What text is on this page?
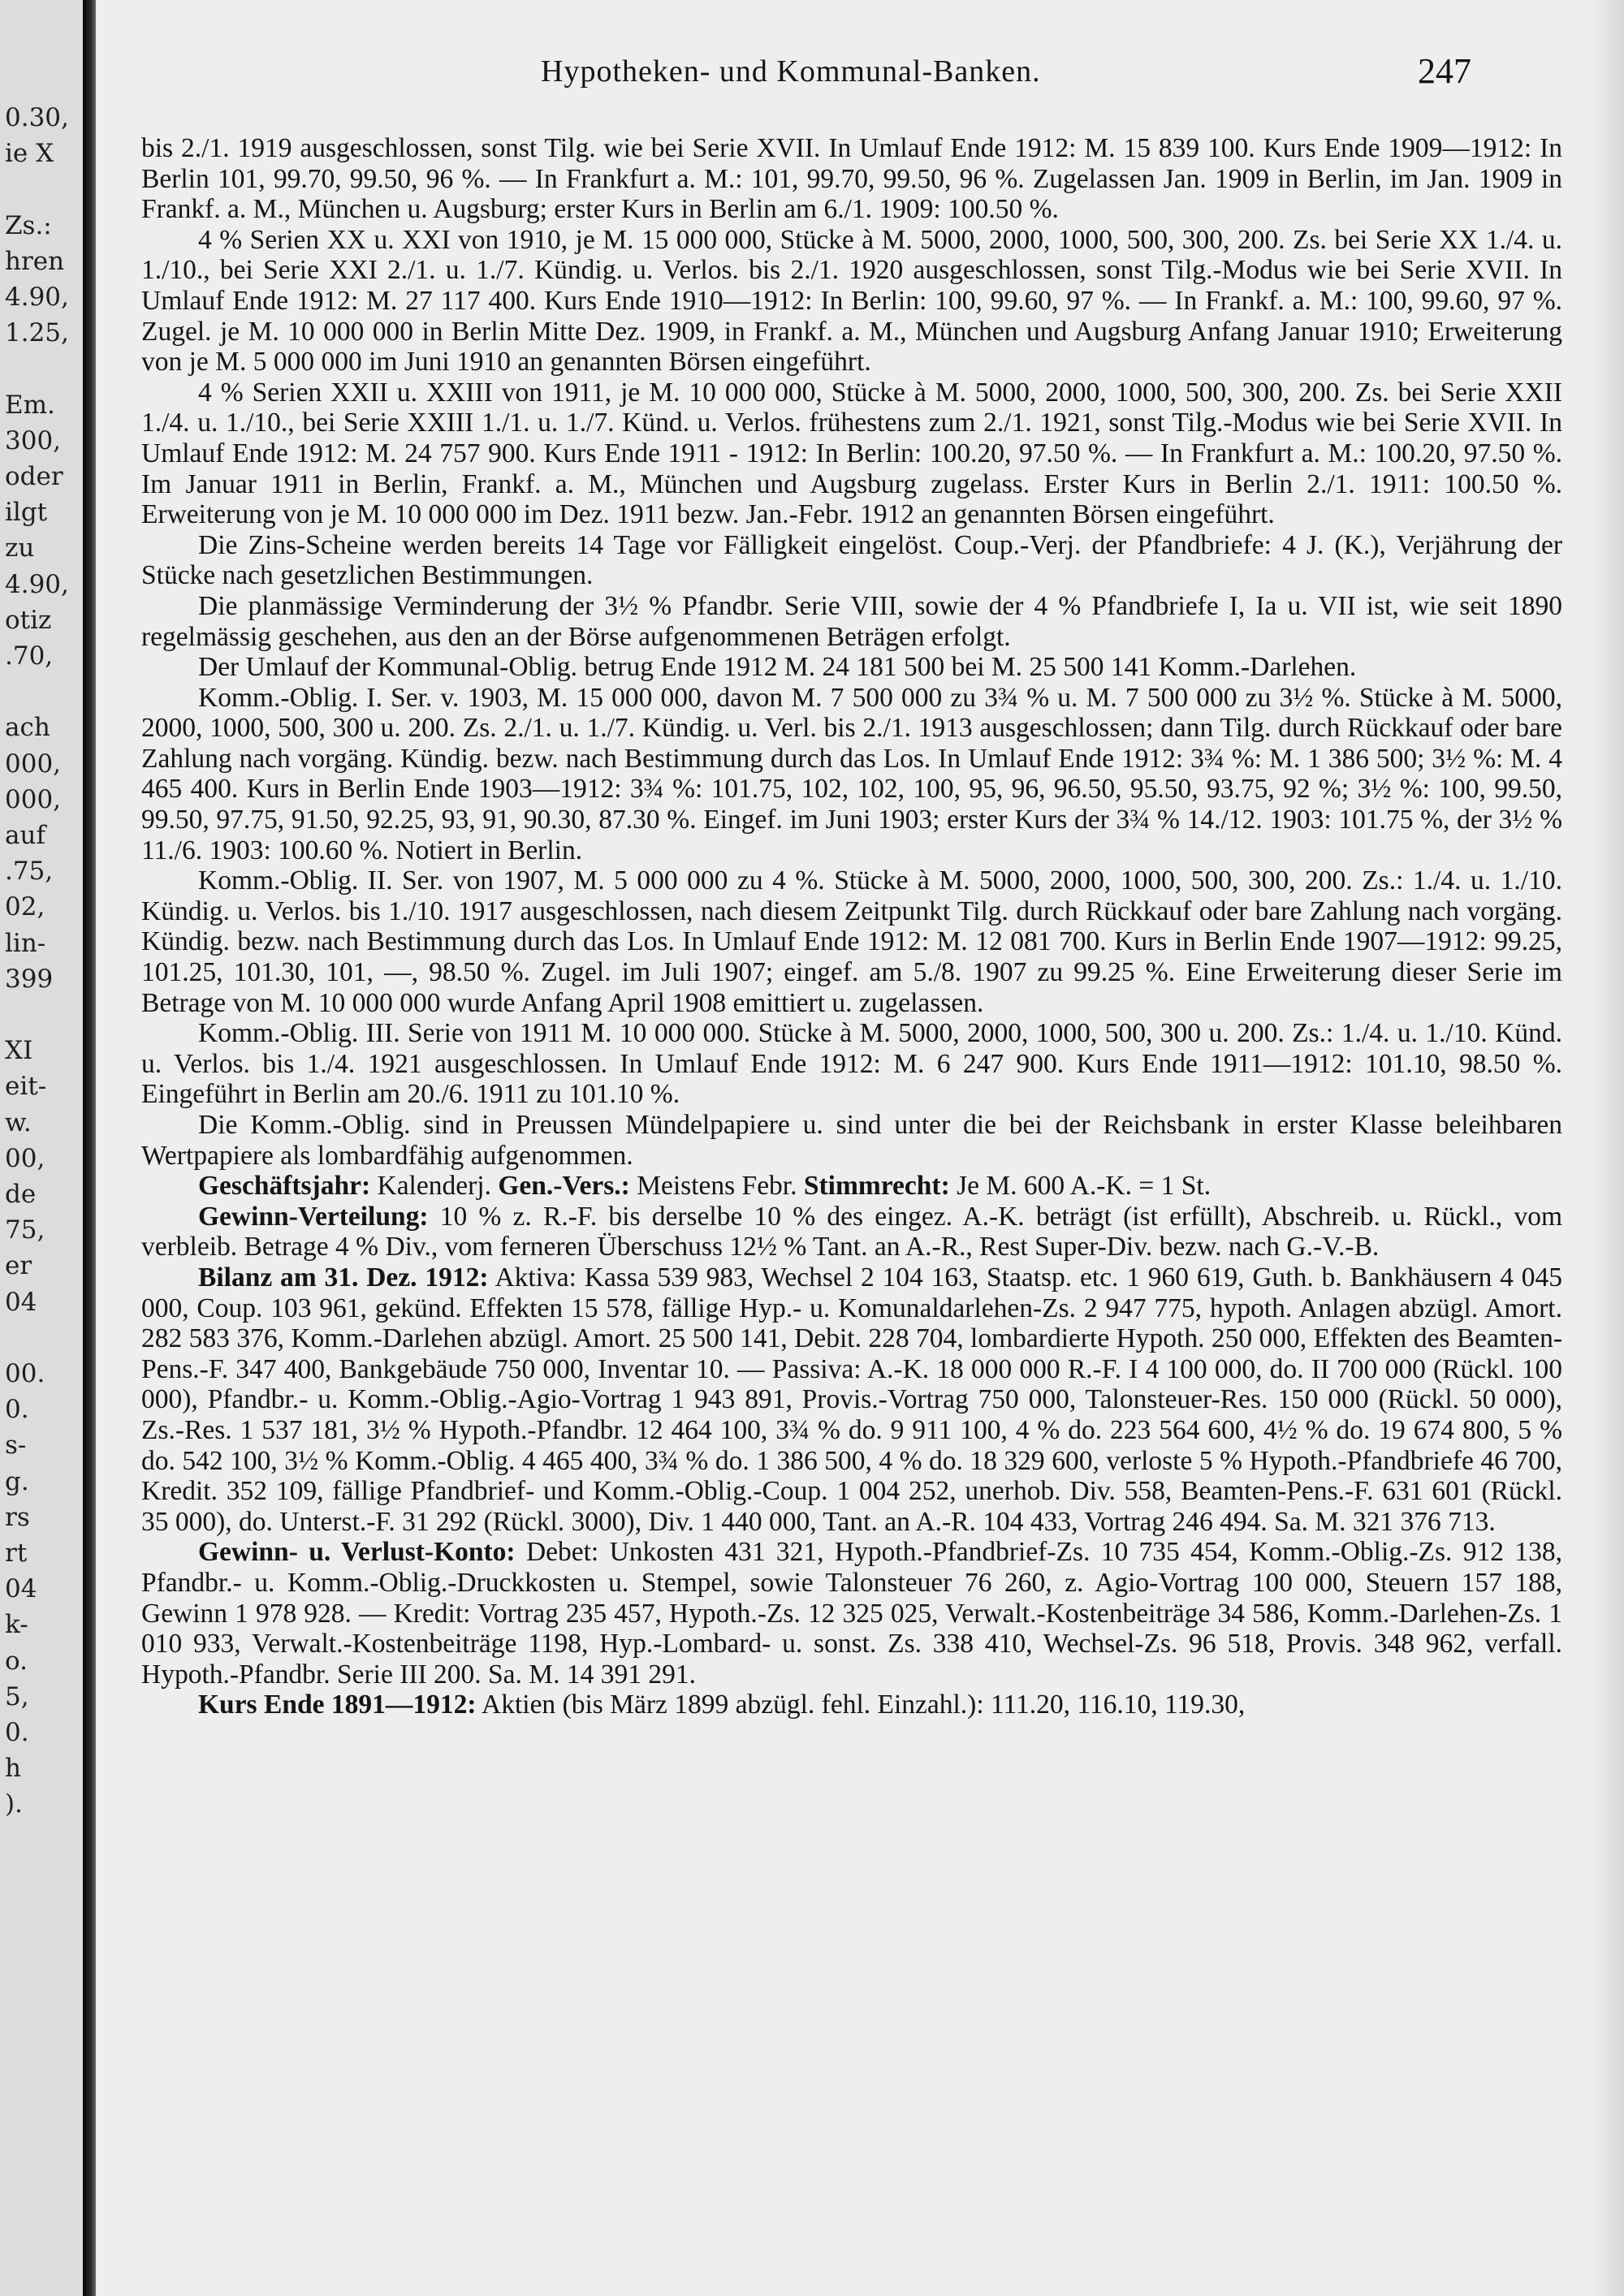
0.30,
ie X
Zs.:
hren
4.90,
1.25,
Em.
300,
oder
ilgt
zu
4.90,
otiz
.70,
ach
000,
000,
auf
.75,
02,
lin-
399
XI
eit-
w.
00,
de
75,
er
04
00.
0.
s-
g.
rs
rt
04
k-
o.
5,
0.
h
).
Hypotheken- und Kommunal-Banken.	247

bis 2./1. 1919 ausgeschlossen, sonst Tilg. wie bei Serie XVII. In Umlauf Ende 1912: M. 15 839 100. Kurs Ende 1909—1912: In Berlin 101, 99.70, 99.50, 96 %. — In Frankfurt a. M.: 101, 99.70, 99.50, 96 %. Zugelassen Jan. 1909 in Berlin, im Jan. 1909 in Frankf. a. M., München u. Augsburg; erster Kurs in Berlin am 6./1. 1909: 100.50 %.

4 % Serien XX u. XXI von 1910, je M. 15 000 000, Stücke à M. 5000, 2000, 1000, 500, 300, 200. Zs. bei Serie XX 1./4. u. 1./10., bei Serie XXI 2./1. u. 1./7. Kündig. u. Verlos. bis 2./1. 1920 ausgeschlossen, sonst Tilg.-Modus wie bei Serie XVII. In Umlauf Ende 1912: M. 27 117 400. Kurs Ende 1910—1912: In Berlin: 100, 99.60, 97 %. — In Frankf. a. M.: 100, 99.60, 97 %. Zugel. je M. 10 000 000 in Berlin Mitte Dez. 1909, in Frankf. a. M., München und Augsburg Anfang Januar 1910; Erweiterung von je M. 5 000 000 im Juni 1910 an genannten Börsen eingeführt.

4 % Serien XXII u. XXIII von 1911, je M. 10 000 000, Stücke à M. 5000, 2000, 1000, 500, 300, 200. Zs. bei Serie XXII 1./4. u. 1./10., bei Serie XXIII 1./1. u. 1./7. Künd. u. Verlos. frühestens zum 2./1. 1921, sonst Tilg.-Modus wie bei Serie XVII. In Umlauf Ende 1912: M. 24 757 900. Kurs Ende 1911 - 1912: In Berlin: 100.20, 97.50 %. — In Frankfurt a. M.: 100.20, 97.50 %. Im Januar 1911 in Berlin, Frankf. a. M., München und Augsburg zugelass. Erster Kurs in Berlin 2./1. 1911: 100.50 %. Erweiterung von je M. 10 000 000 im Dez. 1911 bezw. Jan.-Febr. 1912 an genannten Börsen eingeführt.

Die Zins-Scheine werden bereits 14 Tage vor Fälligkeit eingelöst. Coup.-Verj. der Pfandbriefe: 4 J. (K.), Verjährung der Stücke nach gesetzlichen Bestimmungen.

Die planmässige Verminderung der 3½ % Pfandbr. Serie VIII, sowie der 4 % Pfandbriefe I, Ia u. VII ist, wie seit 1890 regelmässig geschehen, aus den an der Börse aufgenommenen Beträgen erfolgt.

Der Umlauf der Kommunal-Oblig. betrug Ende 1912 M. 24 181 500 bei M. 25 500 141 Komm.-Darlehen.

Komm.-Oblig. I. Ser. v. 1903, M. 15 000 000, davon M. 7 500 000 zu 3¾ % u. M. 7 500 000 zu 3½ %. Stücke à M. 5000, 2000, 1000, 500, 300 u. 200. Zs. 2./1. u. 1./7. Kündig. u. Verl. bis 2./1. 1913 ausgeschlossen; dann Tilg. durch Rückkauf oder bare Zahlung nach vorgäng. Kündig. bezw. nach Bestimmung durch das Los. In Umlauf Ende 1912: 3¾ %: M. 1 386 500; 3½ %: M. 4 465 400. Kurs in Berlin Ende 1903—1912: 3¾ %: 101.75, 102, 102, 100, 95, 96, 96.50, 95.50, 93.75, 92 %; 3½ %: 100, 99.50, 99.50, 97.75, 91.50, 92.25, 93, 91, 90.30, 87.30 %. Eingef. im Juni 1903; erster Kurs der 3¾ % 14./12. 1903: 101.75 %, der 3½ % 11./6. 1903: 100.60 %. Notiert in Berlin.

Komm.-Oblig. II. Ser. von 1907, M. 5 000 000 zu 4 %. Stücke à M. 5000, 2000, 1000, 500, 300, 200. Zs.: 1./4. u. 1./10. Kündig. u. Verlos. bis 1./10. 1917 ausgeschlossen, nach diesem Zeitpunkt Tilg. durch Rückkauf oder bare Zahlung nach vorgäng. Kündig. bezw. nach Bestimmung durch das Los. In Umlauf Ende 1912: M. 12 081 700. Kurs in Berlin Ende 1907—1912: 99.25, 101.25, 101.30, 101, —, 98.50 %. Zugel. im Juli 1907; eingef. am 5./8. 1907 zu 99.25 %. Eine Erweiterung dieser Serie im Betrage von M. 10 000 000 wurde Anfang April 1908 emittiert u. zugelassen.

Komm.-Oblig. III. Serie von 1911 M. 10 000 000. Stücke à M. 5000, 2000, 1000, 500, 300 u. 200. Zs.: 1./4. u. 1./10. Künd. u. Verlos. bis 1./4. 1921 ausgeschlossen. In Umlauf Ende 1912: M. 6 247 900. Kurs Ende 1911—1912: 101.10, 98.50 %. Eingeführt in Berlin am 20./6. 1911 zu 101.10 %.

Die Komm.-Oblig. sind in Preussen Mündelpapiere u. sind unter die bei der Reichsbank in erster Klasse beleihbaren Wertpapiere als lombardfähig aufgenommen.

Geschäftsjahr: Kalenderj. Gen.-Vers.: Meistens Febr. Stimmrecht: Je M. 600 A.-K. = 1 St.

Gewinn-Verteilung: 10 % z. R.-F. bis derselbe 10 % des eingez. A.-K. beträgt (ist erfüllt), Abschreib. u. Rückl., vom verbleib. Betrage 4 % Div., vom ferneren Überschuss 12½ % Tant. an A.-R., Rest Super-Div. bezw. nach G.-V.-B.

Bilanz am 31. Dez. 1912: Aktiva: Kassa 539 983, Wechsel 2 104 163, Staatsp. etc. 1 960 619, Guth. b. Bankhäusern 4 045 000, Coup. 103 961, gekünd. Effekten 15 578, fällige Hyp.- u. Komunaldarlehen-Zs. 2 947 775, hypoth. Anlagen abzügl. Amort. 282 583 376, Komm.-Darlehen abzügl. Amort. 25 500 141, Debit. 228 704, lombardierte Hypoth. 250 000, Effekten des Beamten-Pens.-F. 347 400, Bankgebäude 750 000, Inventar 10. — Passiva: A.-K. 18 000 000 R.-F. I 4 100 000, do. II 700 000 (Rückl. 100 000), Pfandbr.- u. Komm.-Oblig.-Agio-Vortrag 1 943 891, Provis.-Vortrag 750 000, Talonsteuer-Res. 150 000 (Rückl. 50 000), Zs.-Res. 1 537 181, 3½ % Hypoth.-Pfandbr. 12 464 100, 3¾ % do. 9 911 100, 4 % do. 223 564 600, 4½ % do. 19 674 800, 5 % do. 542 100, 3½ % Komm.-Oblig. 4 465 400, 3¾ % do. 1 386 500, 4 % do. 18 329 600, verloste 5 % Hypoth.-Pfandbriefe 46 700, Kredit. 352 109, fällige Pfandbrief- und Komm.-Oblig.-Coup. 1 004 252, unerhob. Div. 558, Beamten-Pens.-F. 631 601 (Rückl. 35 000), do. Unterst.-F. 31 292 (Rückl. 3000), Div. 1 440 000, Tant. an A.-R. 104 433, Vortrag 246 494. Sa. M. 321 376 713.

Gewinn- u. Verlust-Konto: Debet: Unkosten 431 321, Hypoth.-Pfandbrief-Zs. 10 735 454, Komm.-Oblig.-Zs. 912 138, Pfandbr.- u. Komm.-Oblig.-Druckkosten u. Stempel, sowie Talonsteuer 76 260, z. Agio-Vortrag 100 000, Steuern 157 188, Gewinn 1 978 928. — Kredit: Vortrag 235 457, Hypoth.-Zs. 12 325 025, Verwalt.-Kostenbeiträge 34 586, Komm.-Darlehen-Zs. 1 010 933, Verwalt.-Kostenbeiträge 1198, Hyp.-Lombard- u. sonst. Zs. 338 410, Wechsel-Zs. 96 518, Provis. 348 962, verfall. Hypoth.-Pfandbr. Serie III 200. Sa. M. 14 391 291.

Kurs Ende 1891—1912: Aktien (bis März 1899 abzügl. fehl. Einzahl.): 111.20, 116.10, 119.30,
